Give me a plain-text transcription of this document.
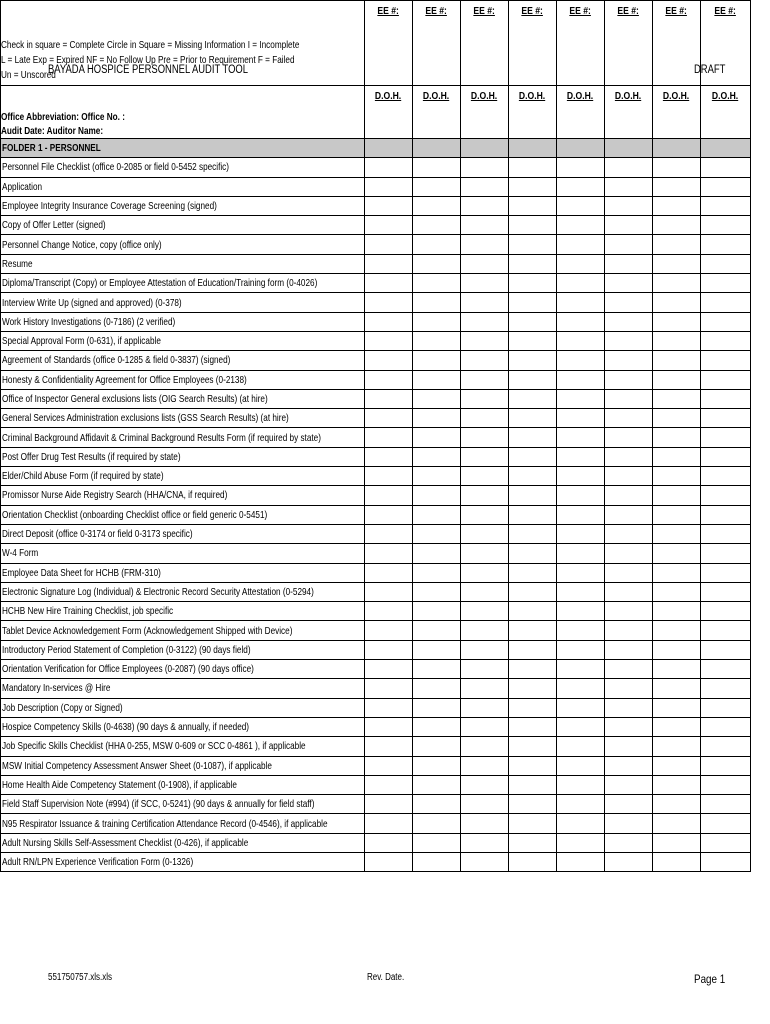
BAYADA HOSPICE PERSONNEL AUDIT TOOL	DRAFT
Check in square = Complete Circle in Square = Missing Information I = Incomplete
L = Late Exp = Expired NF = No Follow Up Pre = Prior to Requirement F = Failed
Un = Unscored	EE #:	EE #:	EE #:	EE #:	EE #:	EE #:	EE #:	EE #:

Office Abbreviation: Office No. :
Audit Date: Auditor Name:	D.O.H.	D.O.H.	D.O.H.	D.O.H.	D.O.H.	D.O.H.	D.O.H.	D.O.H.
FOLDER 1 - PERSONNEL								
Personnel File Checklist (office 0-2085 or field 0-5452 specific)								
Application								
Employee Integrity Insurance Coverage Screening (signed)								
Copy of Offer Letter (signed)								
Personnel Change Notice, copy (office only)								
Resume								
Diploma/Transcript (Copy) or Employee Attestation of Education/Training form (0-4026)								
Interview Write Up (signed and approved) (0-378)								
Work History Investigations (0-7186) (2 verified)								
Special Approval Form (0-631), if applicable								
Agreement of Standards (office 0-1285 & field 0-3837) (signed)								
Honesty & Confidentiality Agreement for Office Employees (0-2138)								
Office of Inspector General exclusions lists (OIG Search Results) (at hire)								
General Services Administration exclusions lists (GSS Search Results) (at hire)								
Criminal Background Affidavit & Criminal Background Results Form (if required by state)								
Post Offer Drug Test Results (if required by state)								
Elder/Child Abuse Form (if required by state)								
Promissor Nurse Aide Registry Search (HHA/CNA, if required)								
Orientation Checklist (onboarding Checklist office or field generic 0-5451)								
Direct Deposit (office 0-3174 or field 0-3173 specific)								
W-4 Form								
Employee Data Sheet for HCHB (FRM-310)								
Electronic Signature Log (Individual) & Electronic Record Security Attestation (0-5294)								
HCHB New Hire Training Checklist, job specific								
Tablet Device Acknowledgement Form (Acknowledgement Shipped with Device)								
Introductory Period Statement of Completion (0-3122) (90 days field)								
Orientation Verification for Office Employees (0-2087) (90 days office)								
Mandatory In-services @ Hire								
Job Description (Copy or Signed)								
Hospice Competency Skills (0-4638) (90 days & annually, if needed)								
Job Specific Skills Checklist (HHA 0-255, MSW 0-609 or SCC 0-4861 ), if applicable								
MSW Initial Competency Assessment Answer Sheet (0-1087), if applicable								
Home Health Aide Competency Statement (0-1908), if applicable								
Field Staff Supervision Note (#994) (if SCC, 0-5241) (90 days & annually for field staff)								
N95 Respirator Issuance & training Certification Attendance Record (0-4546), if applicable								
Adult Nursing Skills Self-Assessment Checklist (0-426), if applicable								
Adult RN/LPN Experience Verification Form (0-1326)								
551750757.xls.xls	Rev. Date.	Page 1
